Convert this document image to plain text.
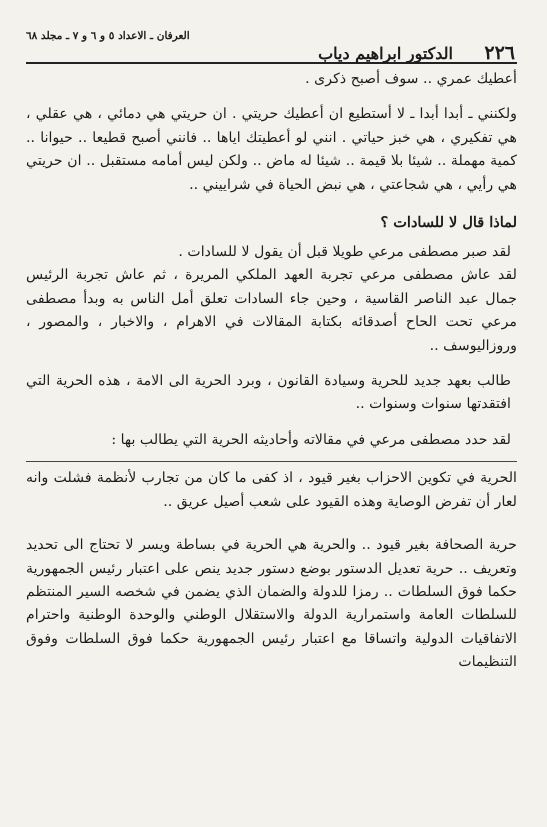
٢٢٦
الدكتور ابراهيم دياب
العرفان ـ الاعداد ٥ و ٦ و ٧ ـ مجلد ٦٨

أعطيك عمري .. سوف أصبح ذكرى .

ولكنني ـ أبدا أبدا ـ لا أستطيع ان أعطيك حريتي . ان حريتي هي دمائي ، هي عقلي ، هي تفكيري ، هي خبز حياتي . انني لو أعطيتك اياها .. فانني أصبح قطيعا .. حيوانا .. كمية مهملة .. شيئا بلا قيمة .. شيئا له ماض .. ولكن ليس أمامه مستقبل .. ان حريتي هي رأيي ، هي شجاعتي ، هي نبض الحياة في شراييني ..

لماذا قال لا للسادات ؟

لقد صبر مصطفى مرعي طويلا قبل أن يقول لا للسادات .

لقد عاش مصطفى مرعي تجربة العهد الملكي المريرة ، ثم عاش تجربة الرئيس جمال عبد الناصر القاسية ، وحين جاء السادات تعلق أمل الناس به وبدأ مصطفى مرعي تحت الحاح أصدقائه بكتابة المقالات في الاهرام ، والاخبار ، والمصور ، وروزاليوسف ..

طالب بعهد جديد للحرية وسيادة القانون ، وبرد الحرية الى الامة ، هذه الحرية التي افتقدتها سنوات وسنوات ..

لقد حدد مصطفى مرعي في مقالاته وأحاديثه الحرية التي يطالب بها :

الحرية في تكوين الاحزاب بغير قيود ، اذ كفى ما كان من تجارب لأنظمة فشلت وانه لعار أن تفرض الوصاية وهذه القيود على شعب أصيل عريق ..

حرية الصحافة بغير قيود .. والحرية هي الحرية في بساطة ويسر لا تحتاج الى تحديد وتعريف .. حرية تعديل الدستور بوضع دستور جديد ينص على اعتبار رئيس الجمهورية حكما فوق السلطات .. رمزا للدولة والضمان الذي يضمن في شخصه السير المنتظم للسلطات العامة واستمرارية الدولة والاستقلال الوطني والوحدة الوطنية واحترام الاتفاقيات الدولية واتساقا مع اعتبار رئيس الجمهورية حكما فوق السلطات وفوق التنظيمات
